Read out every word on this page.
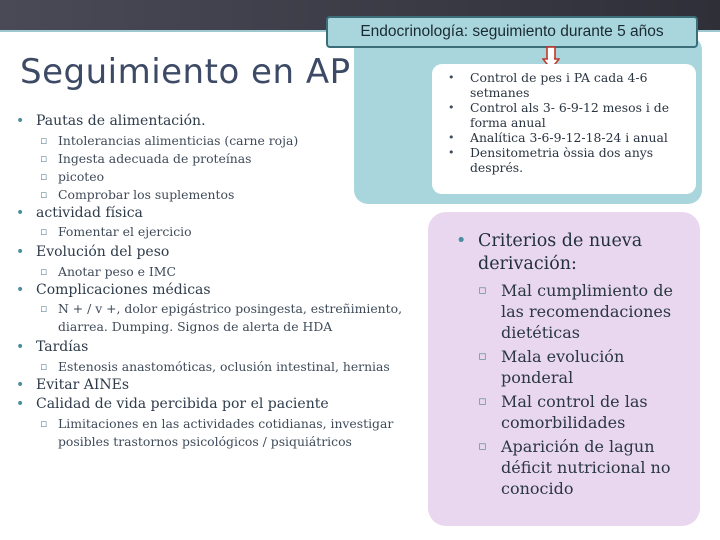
Endocrinología: seguimiento durante 5 años
Seguimiento en AP
•	Control de pes i PA cada 4-6
setmanes
• Control als 3- 6-9-12 mesos i de
forma anual
• Analítica 3-6-9-12-18-24 i anual
• Densitometria òssia dos anys
després.
• Pautas de alimentación.
▫ Intolerancias alimenticias (carne roja)
▫ Ingesta adecuada de proteínas
▫ picoteo
▫ Comprobar los suplementos
• actividad física
▫ Fomentar el ejercicio
• Evolución del peso
▫ Anotar peso e IMC
• Complicaciones médicas
▫ N + / v +, dolor epigástrico posingesta, estreñimiento,
diarrea. Dumping. Signos de alerta de HDA
• Tardías
▫ Estenosis anastomóticas, oclusión intestinal, hernias
• Evitar AINEs
• Calidad de vida percibida por el paciente
▫ Limitaciones en las actividades cotidianas, investigar
posibles trastornos psicológicos / psiquiátricos
• Criterios de nueva
derivación:
▫ Mal cumplimiento de
las recomendaciones
dietéticas
▫ Mala evolución
ponderal
▫ Mal control de las
comorbilidades
▫ Aparición de lagun
déficit nutricional no
conocido
